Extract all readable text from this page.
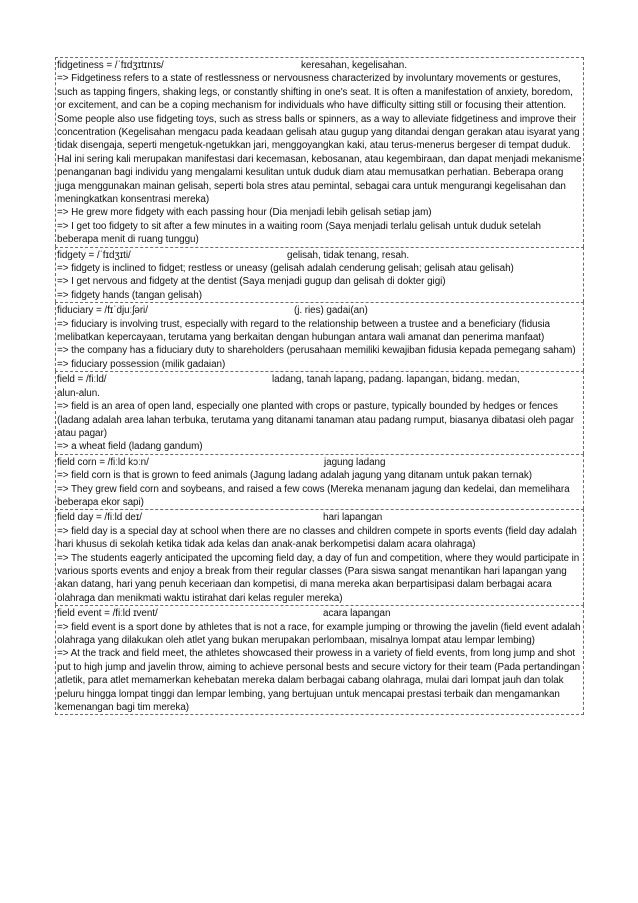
fidgetiness = /ˈfɪdʒɪtɪnɪs/	keresahan, kegelisahan.

=> Fidgetiness refers to a state of restlessness or nervousness characterized by involuntary movements or gestures, such as tapping fingers, shaking legs, or constantly shifting in one's seat. It is often a manifestation of anxiety, boredom, or excitement, and can be a coping mechanism for individuals who have difficulty sitting still or focusing their attention. Some people also use fidgeting toys, such as stress balls or spinners, as a way to alleviate fidgetiness and improve their concentration (Kegelisahan mengacu pada keadaan gelisah atau gugup yang ditandai dengan gerakan atau isyarat yang tidak disengaja, seperti mengetuk-ngetukkan jari, menggoyangkan kaki, atau terus-menerus bergeser di tempat duduk. Hal ini sering kali merupakan manifestasi dari kecemasan, kebosanan, atau kegembiraan, dan dapat menjadi mekanisme penanganan bagi individu yang mengalami kesulitan untuk duduk diam atau memusatkan perhatian. Beberapa orang juga menggunakan mainan gelisah, seperti bola stres atau pemintal, sebagai cara untuk mengurangi kegelisahan dan meningkatkan konsentrasi mereka)

=> He grew more fidgety with each passing hour (Dia menjadi lebih gelisah setiap jam)

=> I get too fidgety to sit after a few minutes in a waiting room (Saya menjadi terlalu gelisah untuk duduk setelah beberapa menit di ruang tunggu)

fidgety = /ˈfɪdʒɪti/	gelisah, tidak tenang, resah.

=> fidgety is inclined to fidget; restless or uneasy (gelisah adalah cenderung gelisah; gelisah atau gelisah)

=> I get nervous and fidgety at the dentist (Saya menjadi gugup dan gelisah di dokter gigi)

=> fidgety hands (tangan gelisah)

fiduciary = /fɪˈdjuːʃəri/	(j. ries) gadai(an)

=> fiduciary is involving trust, especially with regard to the relationship between a trustee and a beneficiary (fidusia melibatkan kepercayaan, terutama yang berkaitan dengan hubungan antara wali amanat dan penerima manfaat)

=> the company has a fiduciary duty to shareholders (perusahaan memiliki kewajiban fidusia kepada pemegang saham)

=> fiduciary possession (milik gadaian)

field = /fiːld/	ladang, tanah lapang, padang. lapangan, bidang. medan,

alun-alun.

=> field is an area of open land, especially one planted with crops or pasture, typically bounded by hedges or fences (ladang adalah area lahan terbuka, terutama yang ditanami tanaman atau padang rumput, biasanya dibatasi oleh pagar atau pagar)

=> a wheat field (ladang gandum)

field corn = /fiːld kɔːn/	jagung ladang

=> field corn is that is grown to feed animals (Jagung ladang adalah jagung yang ditanam untuk pakan ternak)

=> They grew field corn and soybeans, and raised a few cows (Mereka menanam jagung dan kedelai, dan memelihara beberapa ekor sapi)

field day = /fiːld deɪ/	hari lapangan

=> field day is a special day at school when there are no classes and children compete in sports events (field day adalah hari khusus di sekolah ketika tidak ada kelas dan anak-anak berkompetisi dalam acara olahraga)

=> The students eagerly anticipated the upcoming field day, a day of fun and competition, where they would participate in various sports events and enjoy a break from their regular classes (Para siswa sangat menantikan hari lapangan yang akan datang, hari yang penuh keceriaan dan kompetisi, di mana mereka akan berpartisipasi dalam berbagai acara olahraga dan menikmati waktu istirahat dari kelas reguler mereka)

field event = /fiːld ɪvent/	acara lapangan

=> field event is a sport done by athletes that is not a race, for example jumping or throwing the javelin (field event adalah olahraga yang dilakukan oleh atlet yang bukan merupakan perlombaan, misalnya lompat atau lempar lembing)

=> At the track and field meet, the athletes showcased their prowess in a variety of field events, from long jump and shot put to high jump and javelin throw, aiming to achieve personal bests and secure victory for their team (Pada pertandingan atletik, para atlet memamerkan kehebatan mereka dalam berbagai cabang olahraga, mulai dari lompat jauh dan tolak peluru hingga lompat tinggi dan lempar lembing, yang bertujuan untuk mencapai prestasi terbaik dan mengamankan kemenangan bagi tim mereka)
